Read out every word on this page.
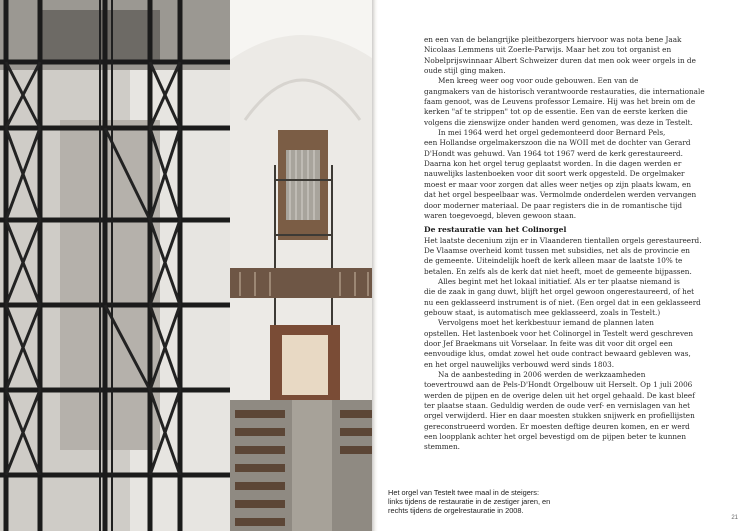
en een van de belangrijke pleitbezorgers hiervoor was nota bene Jaak
Nicolaas Lemmens uit Zoerle-Parwijs. Maar het zou tot organist en
Nobelprijswinnaar Albert Schweizer duren dat men ook weer orgels in de
oude stijl ging maken.
Men kreeg weer oog voor oude gebouwen. Een van de
gangmakers van de historisch verantwoorde restauraties, die internationale
faam genoot, was de Leuvens professor Lemaire. Hij was het brein om de
kerken "af te strippen" tot op de essentie. Een van de eerste kerken die
volgens die zienswijze onder handen werd genomen, was deze in Testelt.
In mei 1964 werd het orgel gedemonteerd door Bernard Pels,
een Hollandse orgelmakerszoon die na WOII met de dochter van Gerard
D'Hondt was gehuwd. Van 1964 tot 1967 werd de kerk gerestaureerd.
Daarna kon het orgel terug geplaatst worden. In die dagen werden er
nauwelijks lastenboeken voor dit soort werk opgesteld. De orgelmaker
moest er maar voor zorgen dat alles weer netjes op zijn plaats kwam, en
dat het orgel bespeelbaar was. Vermolmde onderdelen werden vervangen
door moderner materiaal. De paar registers die in de romantische tijd
waren toegevoegd, bleven gewoon staan.
De restauratie van het Colinorgel
Het laatste decenium zijn er in Vlaanderen tientallen orgels gerestaureerd.
De Vlaamse overheid komt tussen met subsidies, net als de provincie en
de gemeente. Uiteindelijk hoeft de kerk alleen maar de laatste 10% te
betalen. En zelfs als de kerk dat niet heeft, moet de gemeente bijpassen.
Alles begint met het lokaal initiatief. Als er ter plaatse niemand is
die de zaak in gang duwt, blijft het orgel gewoon ongerestaureerd, of het
nu een geklasseerd instrument is of niet. (Een orgel dat in een geklasseerd
gebouw staat, is automatisch mee geklasseerd, zoals in Testelt.)
Vervolgens moet het kerkbestuur iemand de plannen laten
opstellen. Het lastenboek voor het Colinorgel in Testelt werd geschreven
door Jef Braekmans uit Vorselaar. In feite was dit voor dit orgel een
eenvoudige klus, omdat zowel het oude contract bewaard gebleven was,
en het orgel nauwelijks verbouwd werd sinds 1803.
Na de aanbesteding in 2006 werden de werkzaamheden
toevertrouwd aan de Pels-D'Hondt Orgelbouw uit Herselt. Op 1 juli 2006
werden de pijpen en de overige delen uit het orgel gehaald. De kast bleef
ter plaatse staan. Geduldig werden de oude verf- en vernislagen van het
orgel verwijderd. Hier en daar moesten stukken snijwerk en profiellijsten
gereconstrueerd worden. Er moesten deftige deuren komen, en er werd
een loopplank achter het orgel bevestigd om de pijpen beter te kunnen
stemmen.
21
Het orgel van Testelt twee maal in de steigers:
links tijdens de restauratie in de zestiger jaren, en
rechts tijdens de orgelrestauratie in 2008.
